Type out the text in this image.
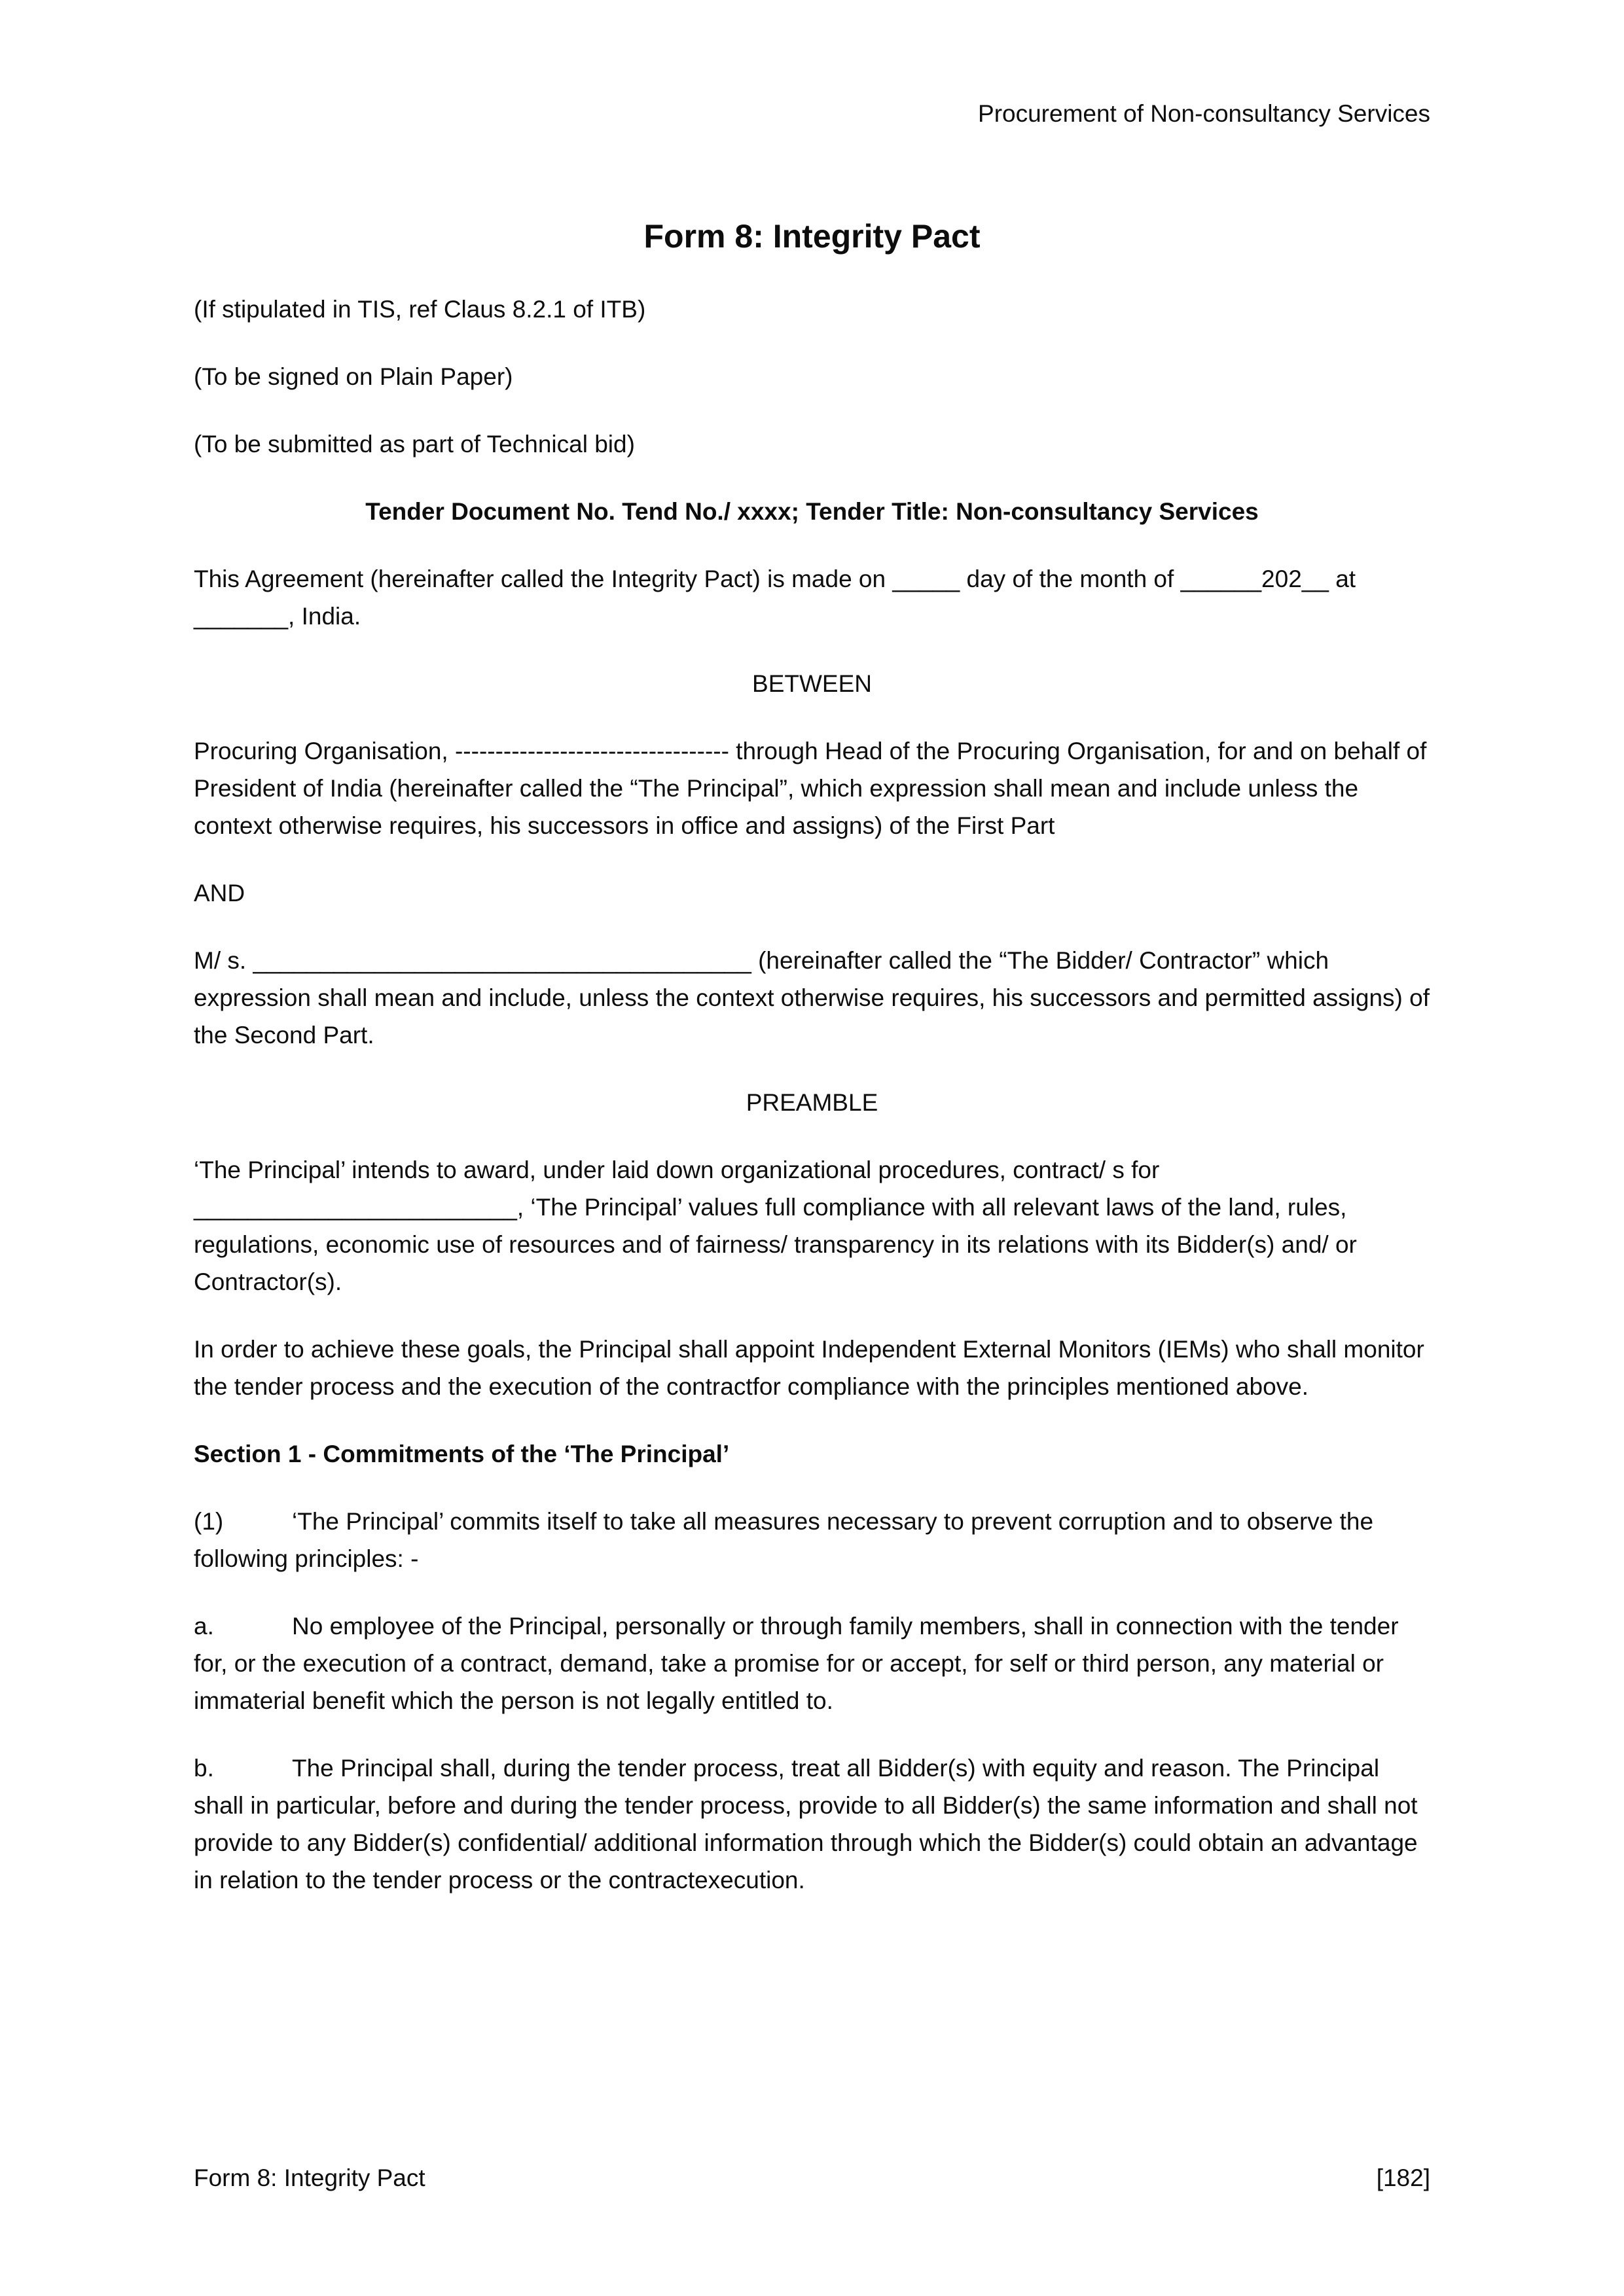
Procurement of Non-consultancy Services
Form 8: Integrity Pact

(If stipulated in TIS, ref Claus 8.2.1 of ITB)

(To be signed on Plain Paper)

(To be submitted as part of Technical bid)

Tender Document No. Tend No./ xxxx; Tender Title: Non-consultancy Services

This Agreement (hereinafter called the Integrity Pact) is made on _____ day of the month of ______202__ at _______, India.

BETWEEN

Procuring Organisation, ---------------------------------- through Head of the Procuring Organisation, for and on behalf of President of India (hereinafter called the “The Principal”, which expression shall mean and include unless the context otherwise requires, his successors in office and assigns) of the First Part

AND

M/ s. _____________________________________ (hereinafter called the “The Bidder/ Contractor” which expression shall mean and include, unless the context otherwise requires, his successors and permitted assigns) of the Second Part.

PREAMBLE

‘The Principal’ intends to award, under laid down organizational procedures, contract/ s for ________________________, ‘The Principal’ values full compliance with all relevant laws of the land, rules, regulations, economic use of resources and of fairness/ transparency in its relations with its Bidder(s) and/ or Contractor(s).

In order to achieve these goals, the Principal shall appoint Independent External Monitors (IEMs) who shall monitor the tender process and the execution of the contractfor compliance with the principles mentioned above.

Section 1 - Commitments of the ‘The Principal’

(1)	‘The Principal’ commits itself to take all measures necessary to prevent corruption and to observe the following principles: -

a.	No employee of the Principal, personally or through family members, shall in connection with the tender for, or the execution of a contract, demand, take a promise for or accept, for self or third person, any material or immaterial benefit which the person is not legally entitled to.

b.	The Principal shall, during the tender process, treat all Bidder(s) with equity and reason. The Principal shall in particular, before and during the tender process, provide to all Bidder(s) the same information and shall not provide to any Bidder(s) confidential/ additional information through which the Bidder(s) could obtain an advantage in relation to the tender process or the contractexecution.

Form 8: Integrity Pact	[182]
